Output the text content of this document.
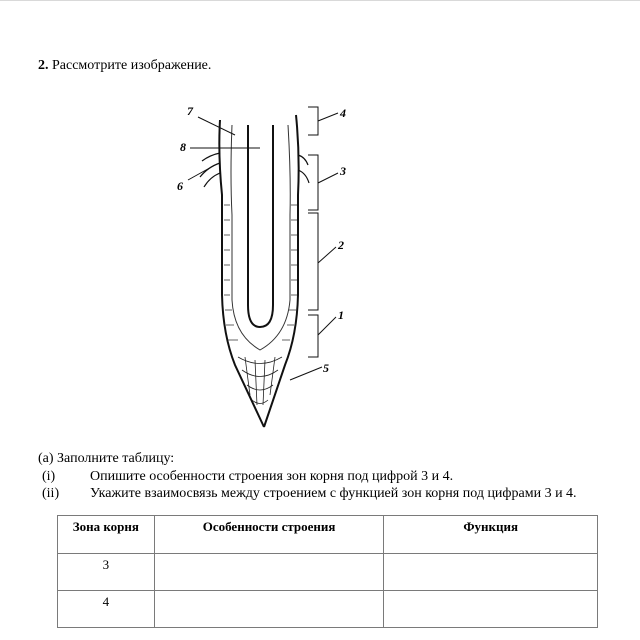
2. Рассмотрите изображение.
7
8
6
4
3
2
1
5
(a) Заполните таблицу:
(i) Опишите особенности строения зон корня под цифрой 3 и 4.
(ii) Укажите взаимосвязь между строением с функцией зон корня под цифрами 3 и 4.
Зона корня	Особенности строения	Функция
3		
4		
